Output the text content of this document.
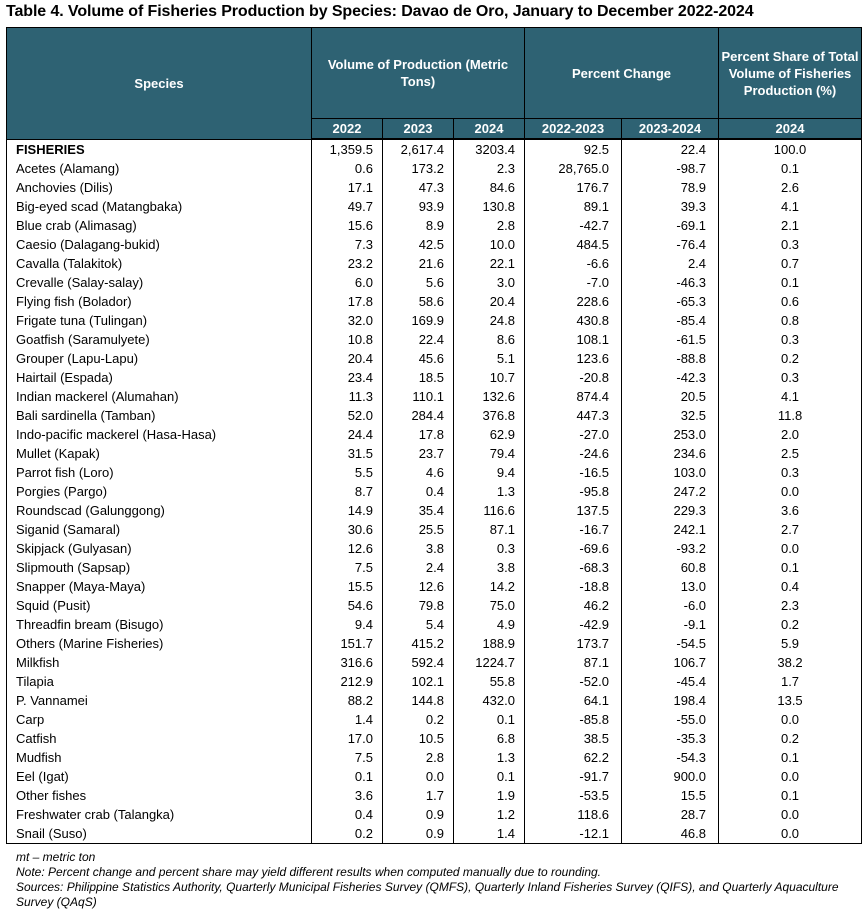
Table 4. Volume of Fisheries Production by Species: Davao de Oro, January to December 2022-2024
Species	Volume of Production (Metric Tons)			Percent Change		Percent Share of Total Volume of Fisheries Production (%)
	2022	2023	2024	2022-2023	2023-2024	2024
FISHERIES	1,359.5	2,617.4	3203.4	92.5	22.4	100.0
Acetes (Alamang)	0.6	173.2	2.3	28,765.0	-98.7	0.1
Anchovies (Dilis)	17.1	47.3	84.6	176.7	78.9	2.6
Big-eyed scad (Matangbaka)	49.7	93.9	130.8	89.1	39.3	4.1
Blue crab (Alimasag)	15.6	8.9	2.8	-42.7	-69.1	2.1
Caesio (Dalagang-bukid)	7.3	42.5	10.0	484.5	-76.4	0.3
Cavalla (Talakitok)	23.2	21.6	22.1	-6.6	2.4	0.7
Crevalle (Salay-salay)	6.0	5.6	3.0	-7.0	-46.3	0.1
Flying fish (Bolador)	17.8	58.6	20.4	228.6	-65.3	0.6
Frigate tuna (Tulingan)	32.0	169.9	24.8	430.8	-85.4	0.8
Goatfish (Saramulyete)	10.8	22.4	8.6	108.1	-61.5	0.3
Grouper (Lapu-Lapu)	20.4	45.6	5.1	123.6	-88.8	0.2
Hairtail (Espada)	23.4	18.5	10.7	-20.8	-42.3	0.3
Indian mackerel (Alumahan)	11.3	110.1	132.6	874.4	20.5	4.1
Bali sardinella (Tamban)	52.0	284.4	376.8	447.3	32.5	11.8
Indo-pacific mackerel (Hasa-Hasa)	24.4	17.8	62.9	-27.0	253.0	2.0
Mullet (Kapak)	31.5	23.7	79.4	-24.6	234.6	2.5
Parrot fish (Loro)	5.5	4.6	9.4	-16.5	103.0	0.3
Porgies (Pargo)	8.7	0.4	1.3	-95.8	247.2	0.0
Roundscad (Galunggong)	14.9	35.4	116.6	137.5	229.3	3.6
Siganid (Samaral)	30.6	25.5	87.1	-16.7	242.1	2.7
Skipjack (Gulyasan)	12.6	3.8	0.3	-69.6	-93.2	0.0
Slipmouth (Sapsap)	7.5	2.4	3.8	-68.3	60.8	0.1
Snapper (Maya-Maya)	15.5	12.6	14.2	-18.8	13.0	0.4
Squid (Pusit)	54.6	79.8	75.0	46.2	-6.0	2.3
Threadfin bream (Bisugo)	9.4	5.4	4.9	-42.9	-9.1	0.2
Others (Marine Fisheries)	151.7	415.2	188.9	173.7	-54.5	5.9
Milkfish	316.6	592.4	1224.7	87.1	106.7	38.2
Tilapia	212.9	102.1	55.8	-52.0	-45.4	1.7
P. Vannamei	88.2	144.8	432.0	64.1	198.4	13.5
Carp	1.4	0.2	0.1	-85.8	-55.0	0.0
Catfish	17.0	10.5	6.8	38.5	-35.3	0.2
Mudfish	7.5	2.8	1.3	62.2	-54.3	0.1
Eel (Igat)	0.1	0.0	0.1	-91.7	900.0	0.0
Other fishes	3.6	1.7	1.9	-53.5	15.5	0.1
Freshwater crab (Talangka)	0.4	0.9	1.2	118.6	28.7	0.0
Snail (Suso)	0.2	0.9	1.4	-12.1	46.8	0.0
mt – metric ton
Note: Percent change and percent share may yield different results when computed manually due to rounding.
Sources: Philippine Statistics Authority, Quarterly Municipal Fisheries Survey (QMFS), Quarterly Inland Fisheries Survey (QIFS), and Quarterly Aquaculture Survey (QAqS)
